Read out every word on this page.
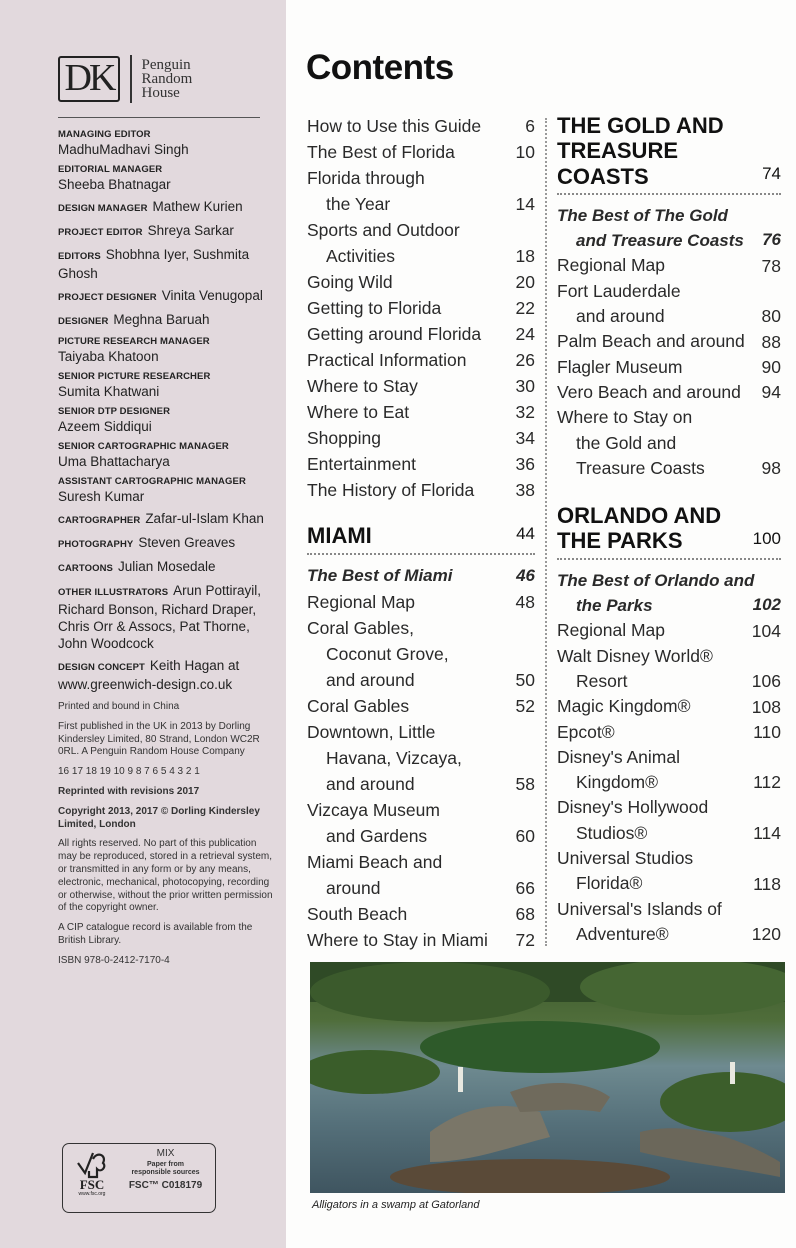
DK	Penguin
Random
House
MANAGING EDITOR
MadhuMadhavi Singh
EDITORIAL MANAGER
Sheeba Bhatnagar
DESIGN MANAGER Mathew Kurien
PROJECT EDITOR Shreya Sarkar
EDITORS Shobhna Iyer, Sushmita Ghosh
PROJECT DESIGNER Vinita Venugopal
DESIGNER Meghna Baruah
PICTURE RESEARCH MANAGER
Taiyaba Khatoon
SENIOR PICTURE RESEARCHER
Sumita Khatwani
SENIOR DTP DESIGNER
Azeem Siddiqui
SENIOR CARTOGRAPHIC MANAGER
Uma Bhattacharya
ASSISTANT CARTOGRAPHIC MANAGER
Suresh Kumar
CARTOGRAPHER Zafar-ul-Islam Khan
PHOTOGRAPHY Steven Greaves
CARTOONS Julian Mosedale
OTHER ILLUSTRATORS Arun Pottirayil, Richard Bonson, Richard Draper, Chris Orr & Assocs, Pat Thorne, John Woodcock
DESIGN CONCEPT Keith Hagan at www.greenwich-design.co.uk
Printed and bound in China
First published in the UK in 2013 by Dorling Kindersley Limited, 80 Strand, London WC2R 0RL. A Penguin Random House Company
16 17 18 19 10 9 8 7 6 5 4 3 2 1
Reprinted with revisions 2017
Copyright 2013, 2017 © Dorling Kindersley Limited, London
All rights reserved. No part of this publication may be reproduced, stored in a retrieval system, or transmitted in any form or by any means, electronic, mechanical, photocopying, recording or otherwise, without the prior written permission of the copyright owner.
A CIP catalogue record is available from the British Library.
ISBN 978-0-2412-7170-4
FSC
www.fsc.org
MIX
Paper from
responsible sources
FSC™ C018179
Contents
How to Use this Guide	6
The Best of Florida	10
Florida through
the Year	14
Sports and Outdoor
Activities	18
Going Wild	20
Getting to Florida	22
Getting around Florida	24
Practical Information	26
Where to Stay	30
Where to Eat	32
Shopping	34
Entertainment	36
The History of Florida	38
MIAMI	44
The Best of Miami	46
Regional Map	48
Coral Gables,
Coconut Grove,
and around	50
Coral Gables	52
Downtown, Little
Havana, Vizcaya,
and around	58
Vizcaya Museum
and Gardens	60
Miami Beach and
around	66
South Beach	68
Where to Stay in Miami	72
THE GOLD AND
TREASURE
COASTS	74
The Best of The Gold
and Treasure Coasts	76
Regional Map	78
Fort Lauderdale
and around	80
Palm Beach and around 88
Flagler Museum	90
Vero Beach and around	94
Where to Stay on
the Gold and
Treasure Coasts	98
ORLANDO AND
THE PARKS	100
The Best of Orlando and
the Parks	102
Regional Map	104
Walt Disney World®
Resort	106
Magic Kingdom®	108
Epcot®	110
Disney's Animal
Kingdom®	112
Disney's Hollywood
Studios®	114
Universal Studios
Florida®	118
Universal's Islands of
Adventure®	120
Alligators in a swamp at Gatorland
